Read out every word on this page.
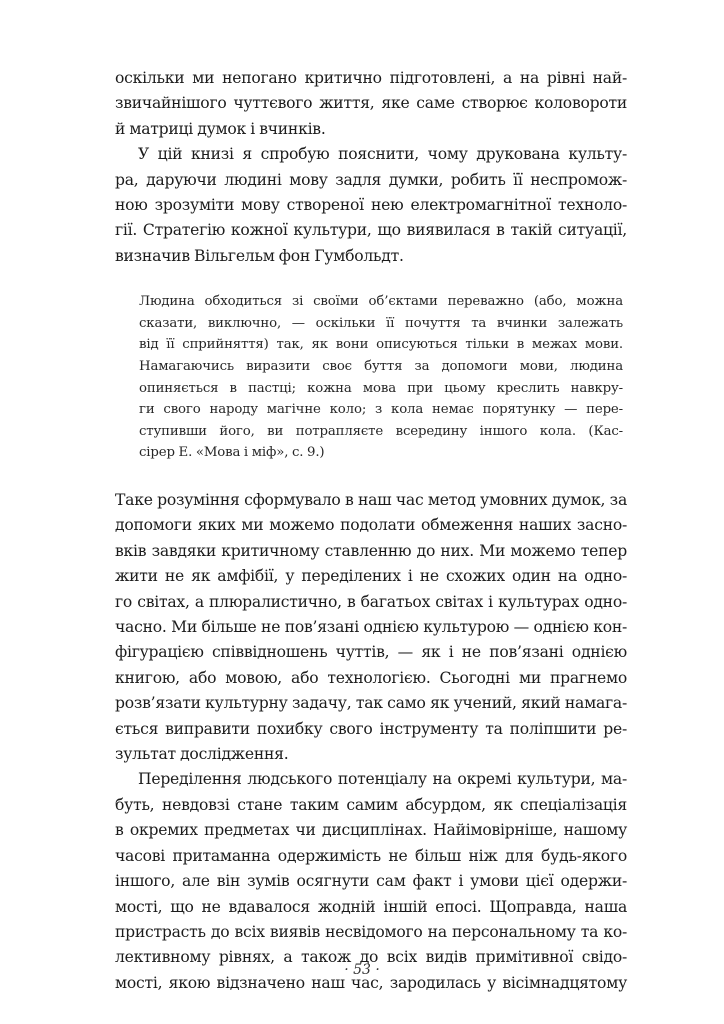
оскільки ми непогано критично підготовлені, а на рівні най-
звичайнішого чуттєвого життя, яке саме створює коловороти
й матриці думок і вчинків.
У цій книзі я спробую пояснити, чому друкована культу-
ра, даруючи людині мову задля думки, робить її неспромож-
ною зрозуміти мову створеної нею електромагнітної техноло-
гії. Стратегію кожної культури, що виявилася в такій ситуації,
визначив Вільгельм фон Гумбольдт.
Людина обходиться зі своїми об’єктами переважно (або, можна
сказати, виключно, — оскільки її почуття та вчинки залежать
від її сприйняття) так, як вони описуються тільки в межах мови.
Намагаючись виразити своє буття за допомоги мови, людина
опиняється в пастці; кожна мова при цьому креслить навкру-
ги свого народу магічне коло; з кола немає порятунку — пере-
ступивши його, ви потрапляєте всередину іншого кола. (Кас-
сірер Е. «Мова і міф», с. 9.)
Таке розуміння сформувало в наш час метод умовних думок, за
допомоги яких ми можемо подолати обмеження наших засно-
вків завдяки критичному ставленню до них. Ми можемо тепер
жити не як амфібії, у переділених і не схожих один на одно-
го світах, а плюралистично, в багатьох світах і культурах одно-
часно. Ми більше не пов’язані однією культурою — однією кон-
фігурацією співвідношень чуттів, — як і не пов’язані однією
книгою, або мовою, або технологією. Сьогодні ми прагнемо
розв’язати культурну задачу, так само як учений, який намага-
ється виправити похибку свого інструменту та поліпшити ре-
зультат дослідження.
Переділення людського потенціалу на окремі культури, ма-
буть, невдовзі стане таким самим абсурдом, як спеціалізація
в окремих предметах чи дисциплінах. Найімовірніше, нашому
часові притаманна одержимість не більш ніж для будь-якого
іншого, але він зумів осягнути сам факт і умови цієї одержи-
мості, що не вдавалося жодній іншій епосі. Щоправда, наша
пристрасть до всіх виявів несвідомого на персональному та ко-
лективному рівнях, а також до всіх видів примітивної свідо-
мості, якою відзначено наш час, зародилась у вісімнадцятому
· 53 ·
